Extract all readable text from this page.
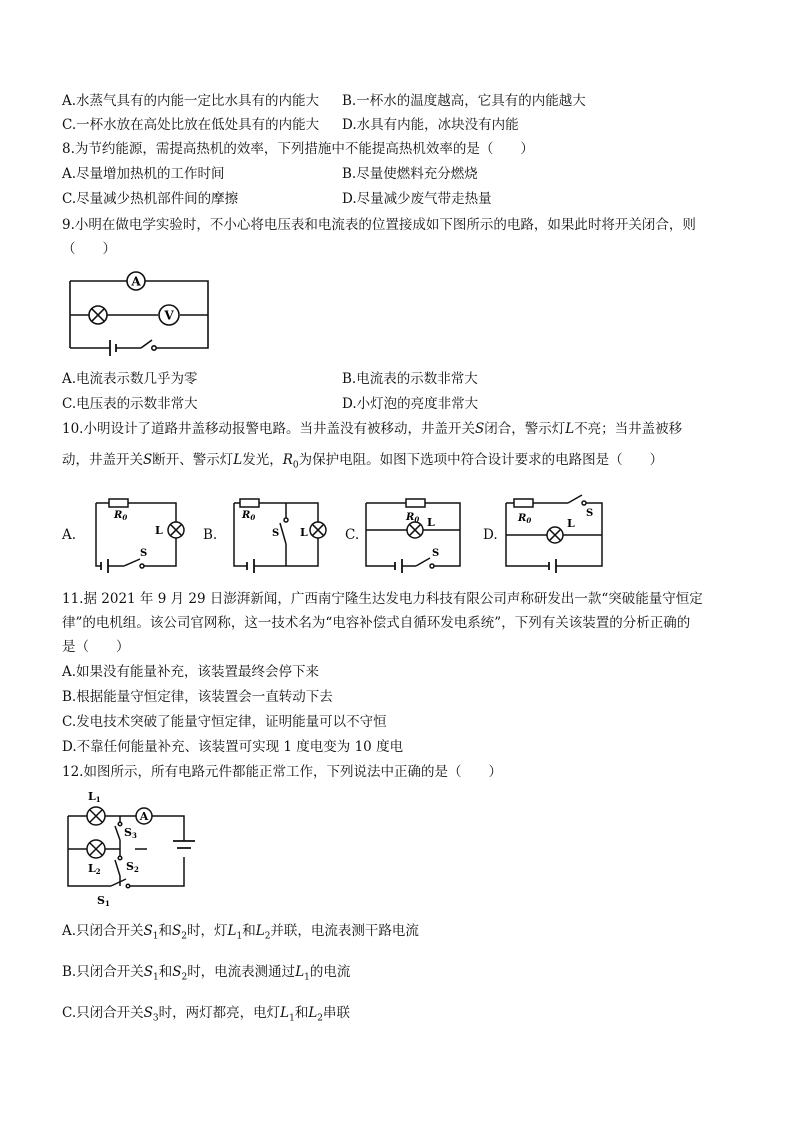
A.水蒸气具有的内能一定比水具有的内能大 B.一杯水的温度越高，它具有的内能越大
C.一杯水放在高处比放在低处具有的内能大 D.水具有内能，冰块没有内能
8.为节约能源，需提高热机的效率，下列措施中不能提高热机效率的是（　　）
A.尽量增加热机的工作时间	B.尽量使燃料充分燃烧
C.尽量减少热机部件间的摩擦	D.尽量减少废气带走热量
9.小明在做电学实验时，不小心将电压表和电流表的位置接成如下图所示的电路，如果此时将开关闭合，则
（　　）
A
V
A.电流表示数几乎为零	B.电流表的示数非常大
C.电压表的示数非常大	D.小灯泡的亮度非常大
10.小明设计了道路井盖移动报警电路。当井盖没有被移动，井盖开关S闭合，警示灯L不亮；当井盖被移
动，井盖开关S断开、警示灯L发光，$R_0$为保护电阻。如图下选项中符合设计要求的电路图是（　　）
A.
$R_0$
L
S
B.
$R_0$
S L	C.
$R_0$ L
S
D.
$R_0$
S
L
11.据 2021 年 9 月 29 日澎湃新闻，广西南宁隆生达发电力科技有限公司声称研发出一款“突破能量守恒定
律”的电机组。该公司官网称，这一技术名为“电容补偿式自循环发电系统”，下列有关该装置的分析正确的
是（　　）
A.如果没有能量补充，该装置最终会停下来
B.根据能量守恒定律，该装置会一直转动下去
C.发电技术突破了能量守恒定律，证明能量可以不守恒
D.不靠任何能量补充、该装置可实现 1 度电变为 10 度电
12.如图所示，所有电路元件都能正常工作，下列说法中正确的是（　　）
A
L1
L2
S3
S2
S1
A.只闭合开关$S_1$和$S_2$时，灯$L_1$和$L_2$并联，电流表测干路电流
B.只闭合开关$S_1$和$S_2$时，电流表测通过$L_1$的电流
C.只闭合开关$S_3$时，两灯都亮，电灯$L_1$和$L_2$串联
